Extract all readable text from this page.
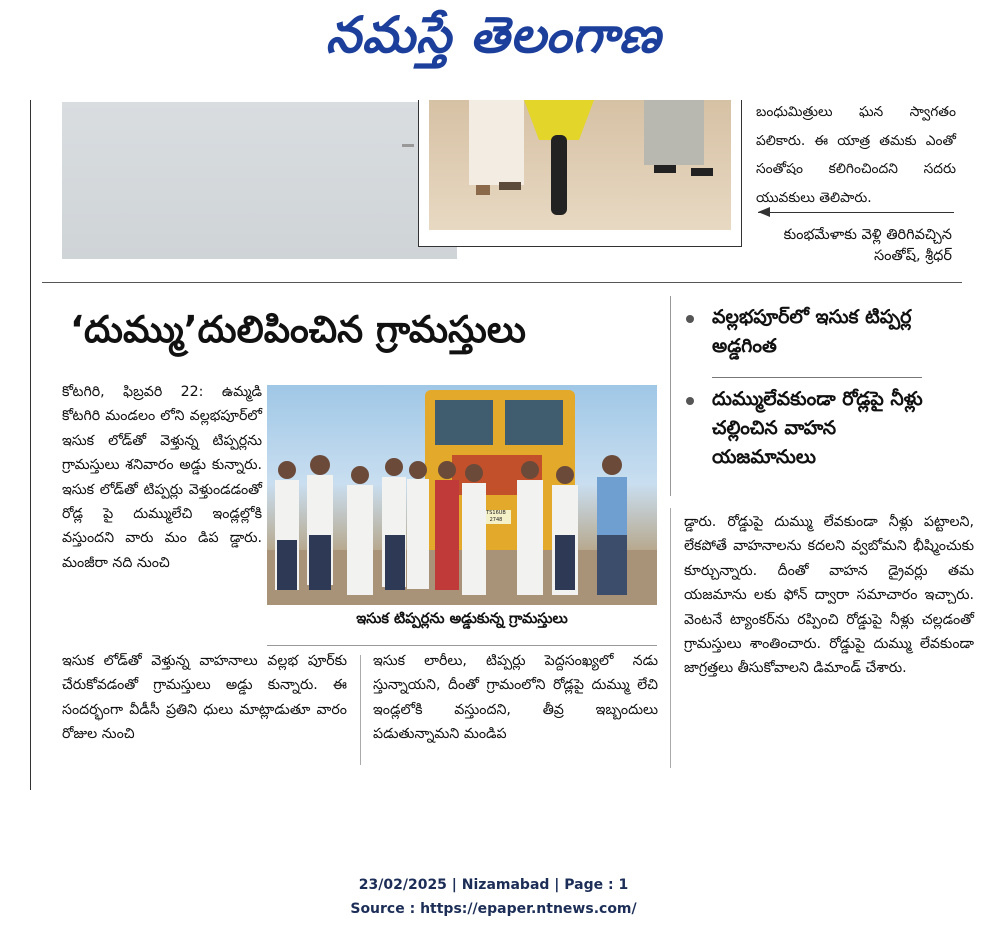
నమస్తే తెలంగాణ
బంధుమిత్రులు ఘన స్వాగతం పలికారు. ఈ యాత్ర తమకు ఎంతో సంతోషం కలిగించిందని సదరు యువకులు తెలిపారు.
కుంభమేళాకు వెళ్లి తిరిగివచ్చిన సంతోష్, శ్రీధర్
‘దుమ్ము’దులిపించిన గ్రామస్తులు	వల్లభపూర్‌లో ఇసుక టిప్పర్ల అడ్డగింత
దుమ్ములేవకుండా రోడ్లపై నీళ్లు చల్లించిన వాహన యజమానులు
కోటగిరి, ఫిబ్రవరి 22: ఉమ్మడి కోటగిరి మండలం లోని వల్లభపూర్‌లో ఇసుక లోడ్‌తో వెళ్తున్న టిప్పర్లను గ్రామస్తులు శనివారం అడ్డు కున్నారు. ఇసుక లోడ్‌తో టిప్పర్లు వెళ్తుండడంతో రోడ్ల పై దుమ్ములేచి ఇండ్లల్లోకి వస్తుందని వారు మం డిప డ్డారు. మంజీరా నది నుంచి
TS16UB 2748
ఇసుక టిప్పర్లను అడ్డుకున్న గ్రామస్తులు
ఇసుక లోడ్‌తో వెళ్తున్న వాహనాలు వల్లభ పూర్‌కు చేరుకోవడంతో గ్రామస్తులు అడ్డు కున్నారు. ఈ సందర్భంగా వీడీసీ ప్రతిని ధులు మాట్లాడుతూ వారం రోజుల నుంచి
ఇసుక లారీలు, టిప్పర్లు పెద్దసంఖ్యలో నడు స్తున్నాయని, దీంతో గ్రామంలోని రోడ్లపై దుమ్ము లేచి ఇండ్లలోకి వస్తుందని, తీవ్ర ఇబ్బందులు పడుతున్నామని మండిప
డ్డారు. రోడ్డుపై దుమ్ము లేవకుండా నీళ్లు పట్టాలని, లేకపోతే వాహనాలను కదలని వ్వబోమని భీష్మించుకు కూర్చున్నారు. దీంతో వాహన డ్రైవర్లు తమ యజమాను లకు ఫోన్ ద్వారా సమాచారం ఇచ్చారు. వెంటనే ట్యాంకర్‌ను రప్పించి రోడ్డుపై నీళ్లు చల్లడంతో గ్రామస్తులు శాంతించారు. రోడ్డుపై దుమ్ము లేవకుండా జాగ్రత్తలు తీసుకోవాలని డిమాండ్ చేశారు.
23/02/2025 | Nizamabad | Page : 1
Source : https://epaper.ntnews.com/
